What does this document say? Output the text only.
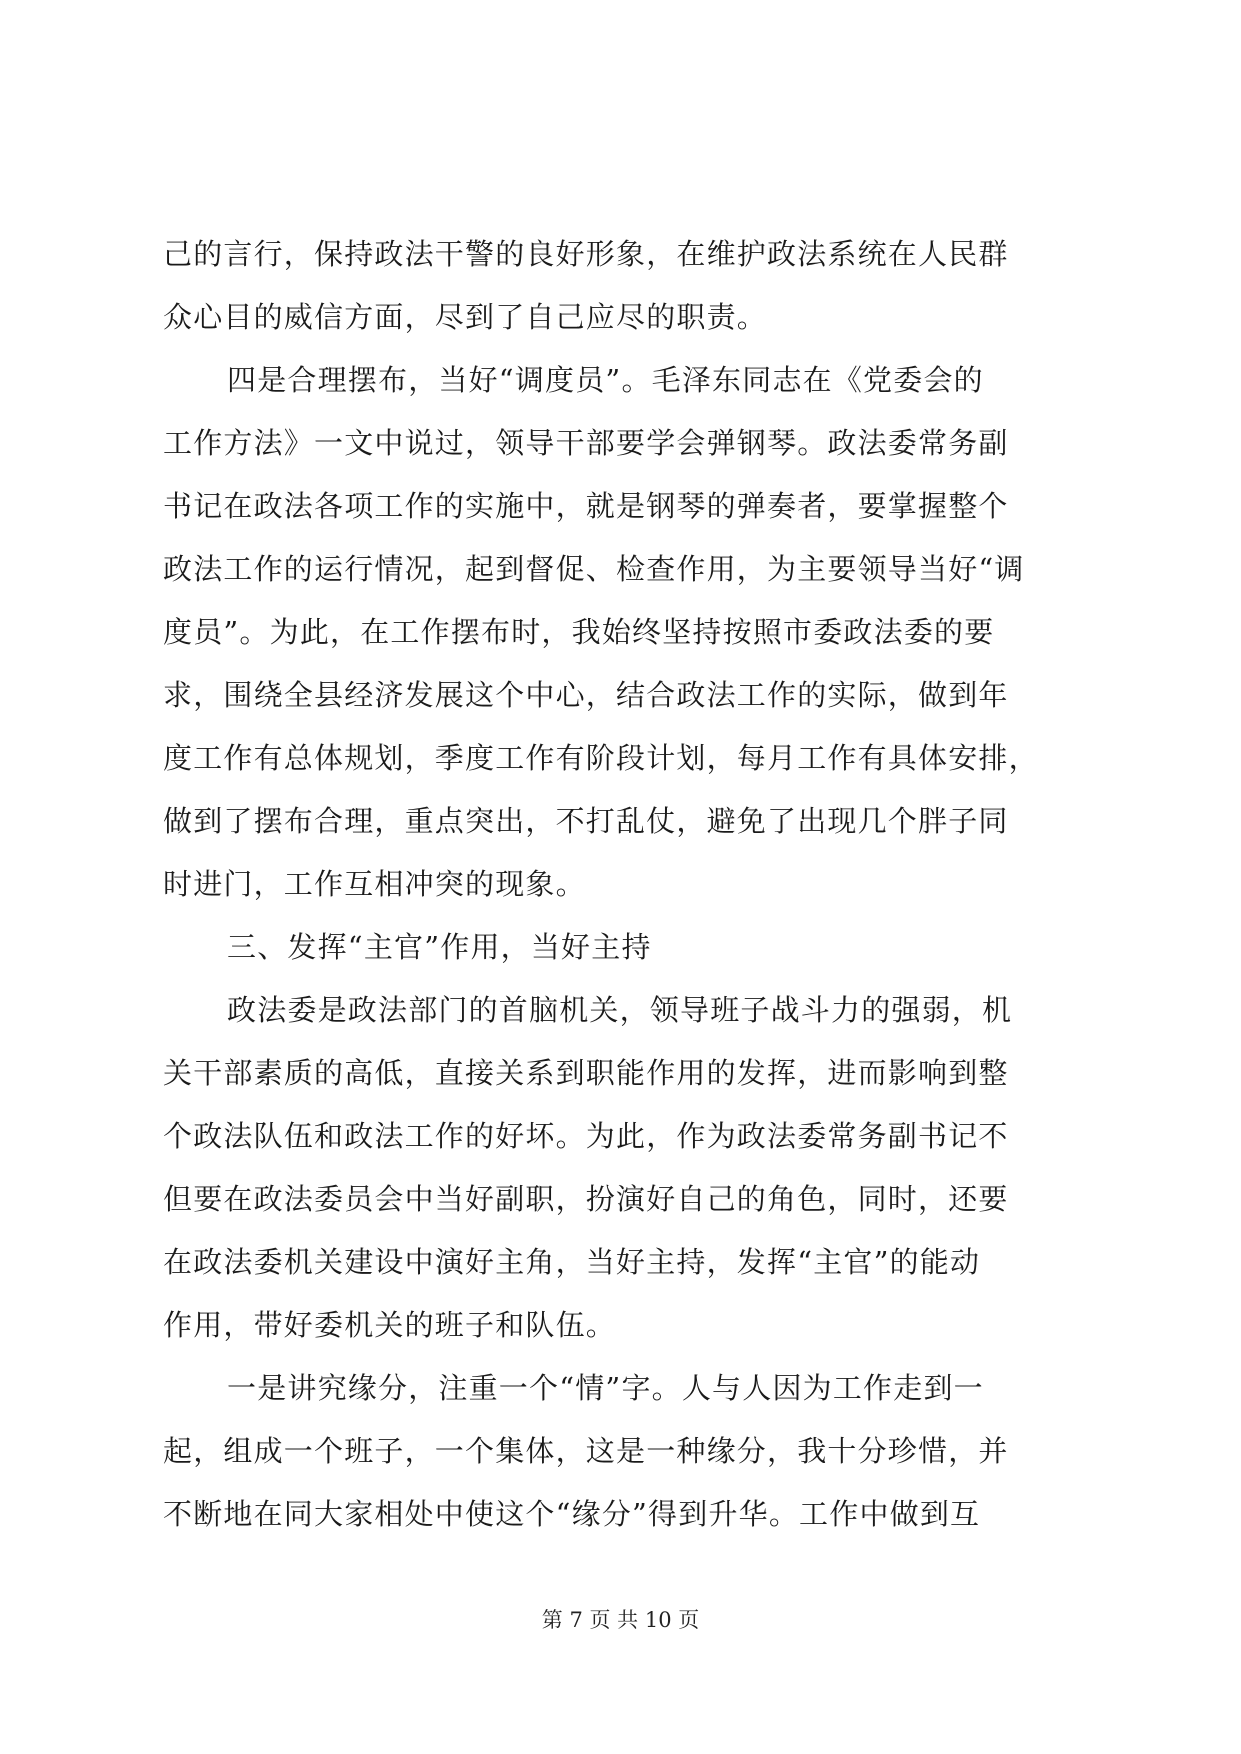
己的言行，保持政法干警的良好形象，在维护政法系统在人民群
众心目的威信方面，尽到了自己应尽的职责。
四是合理摆布，当好“调度员”。毛泽东同志在《党委会的
工作方法》一文中说过，领导干部要学会弹钢琴。政法委常务副
书记在政法各项工作的实施中，就是钢琴的弹奏者，要掌握整个
政法工作的运行情况，起到督促、检查作用，为主要领导当好“调
度员”。为此，在工作摆布时，我始终坚持按照市委政法委的要
求，围绕全县经济发展这个中心，结合政法工作的实际，做到年
度工作有总体规划，季度工作有阶段计划，每月工作有具体安排，
做到了摆布合理，重点突出，不打乱仗，避免了出现几个胖子同
时进门，工作互相冲突的现象。
三、发挥“主官”作用，当好主持
政法委是政法部门的首脑机关，领导班子战斗力的强弱，机
关干部素质的高低，直接关系到职能作用的发挥，进而影响到整
个政法队伍和政法工作的好坏。为此，作为政法委常务副书记不
但要在政法委员会中当好副职，扮演好自己的角色，同时，还要
在政法委机关建设中演好主角，当好主持，发挥“主官”的能动
作用，带好委机关的班子和队伍。
一是讲究缘分，注重一个“情”字。人与人因为工作走到一
起，组成一个班子，一个集体，这是一种缘分，我十分珍惜，并
不断地在同大家相处中使这个“缘分”得到升华。工作中做到互
第 7 页 共 10 页
